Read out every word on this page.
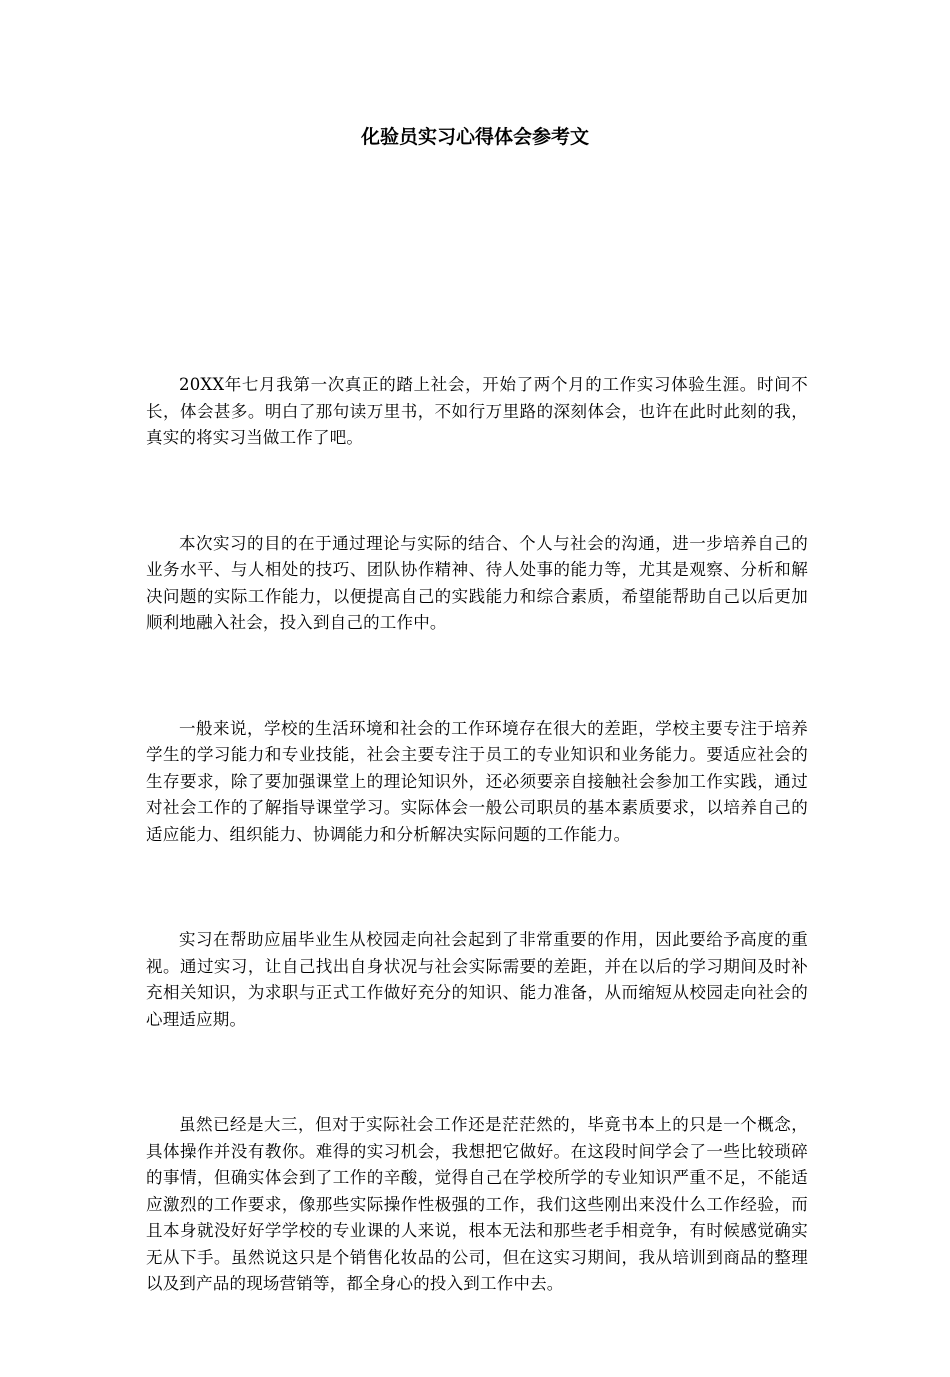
化验员实习心得体会参考文

20XX年七月我第一次真正的踏上社会，开始了两个月的工作实习体验生涯。时间不长，体会甚多。明白了那句读万里书，不如行万里路的深刻体会，也许在此时此刻的我，真实的将实习当做工作了吧。

本次实习的目的在于通过理论与实际的结合、个人与社会的沟通，进一步培养自己的业务水平、与人相处的技巧、团队协作精神、待人处事的能力等，尤其是观察、分析和解决问题的实际工作能力，以便提高自己的实践能力和综合素质，希望能帮助自己以后更加顺利地融入社会，投入到自己的工作中。

一般来说，学校的生活环境和社会的工作环境存在很大的差距，学校主要专注于培养学生的学习能力和专业技能，社会主要专注于员工的专业知识和业务能力。要适应社会的生存要求，除了要加强课堂上的理论知识外，还必须要亲自接触社会参加工作实践，通过对社会工作的了解指导课堂学习。实际体会一般公司职员的基本素质要求，以培养自己的适应能力、组织能力、协调能力和分析解决实际问题的工作能力。

实习在帮助应届毕业生从校园走向社会起到了非常重要的作用，因此要给予高度的重视。通过实习，让自己找出自身状况与社会实际需要的差距，并在以后的学习期间及时补充相关知识，为求职与正式工作做好充分的知识、能力准备，从而缩短从校园走向社会的心理适应期。

虽然已经是大三，但对于实际社会工作还是茫茫然的，毕竟书本上的只是一个概念，具体操作并没有教你。难得的实习机会，我想把它做好。在这段时间学会了一些比较琐碎的事情，但确实体会到了工作的辛酸，觉得自己在学校所学的专业知识严重不足，不能适应激烈的工作要求，像那些实际操作性极强的工作，我们这些刚出来没什么工作经验，而且本身就没好好学学校的专业课的人来说，根本无法和那些老手相竞争，有时候感觉确实无从下手。虽然说这只是个销售化妆品的公司，但在这实习期间，我从培训到商品的整理以及到产品的现场营销等，都全身心的投入到工作中去。
